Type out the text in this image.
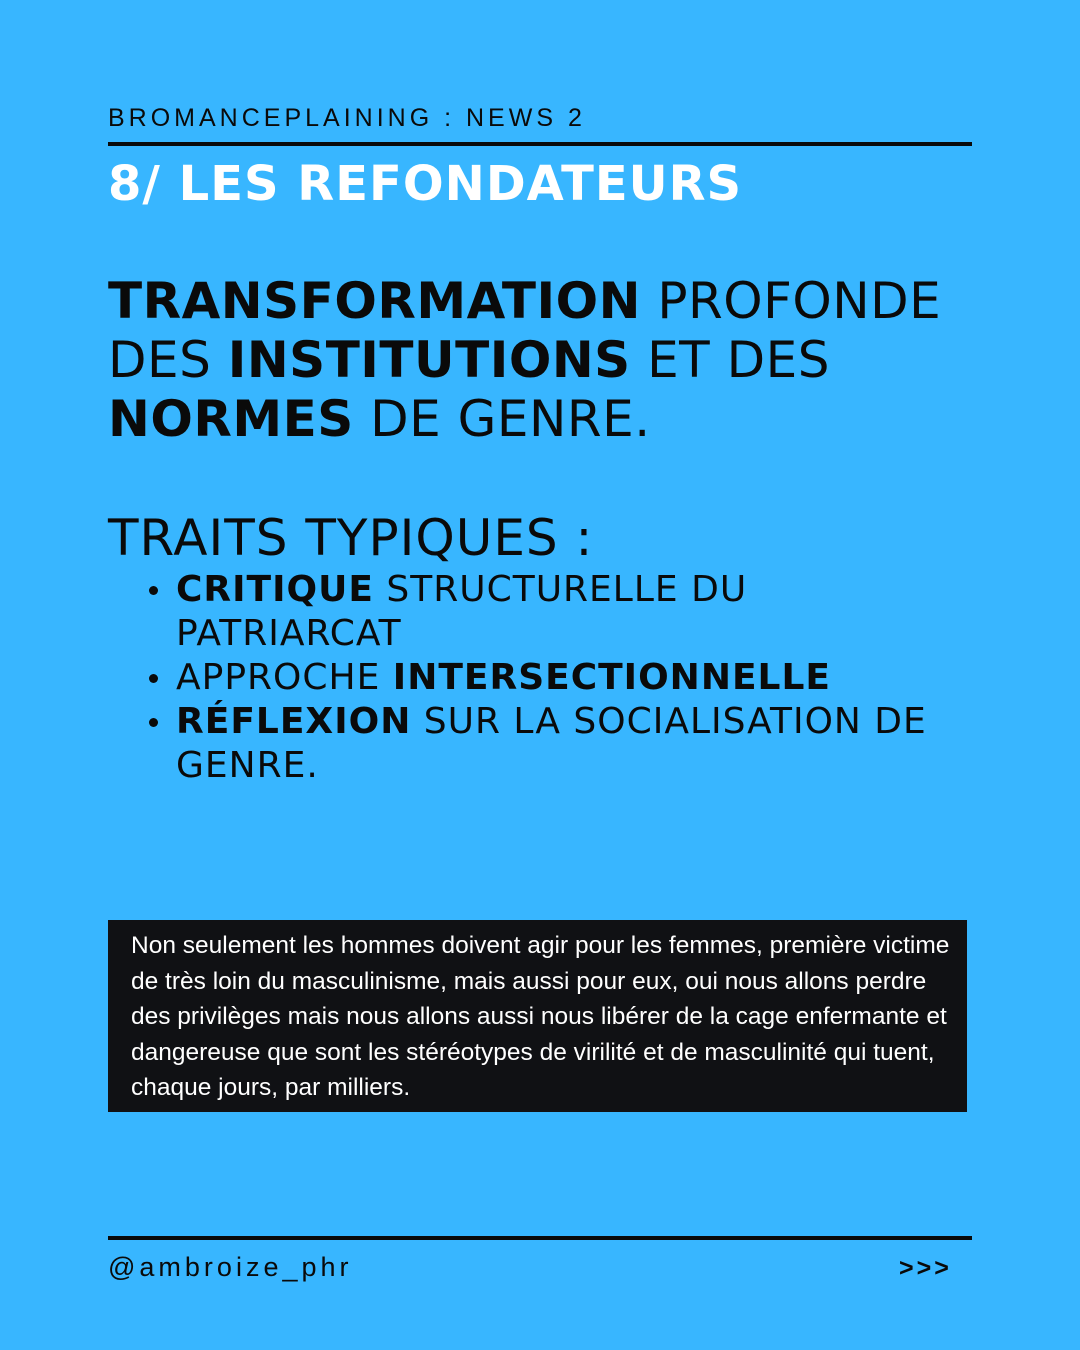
BROMANCEPLAINING : NEWS 2
8/ LES REFONDATEURS
TRANSFORMATION PROFONDE DES INSTITUTIONS ET DES NORMES DE GENRE.
TRAITS TYPIQUES :
CRITIQUE STRUCTURELLE DU PATRIARCAT
APPROCHE INTERSECTIONNELLE
RÉFLEXION SUR LA SOCIALISATION DE GENRE.

Non seulement les hommes doivent agir pour les femmes, première victime de très loin du masculinisme, mais aussi pour eux, oui nous allons perdre des privilèges mais nous allons aussi nous libérer de la cage enfermante et dangereuse que sont les stéréotypes de virilité et de masculinité qui tuent, chaque jours, par milliers.

@ambroize_phr	>>>
